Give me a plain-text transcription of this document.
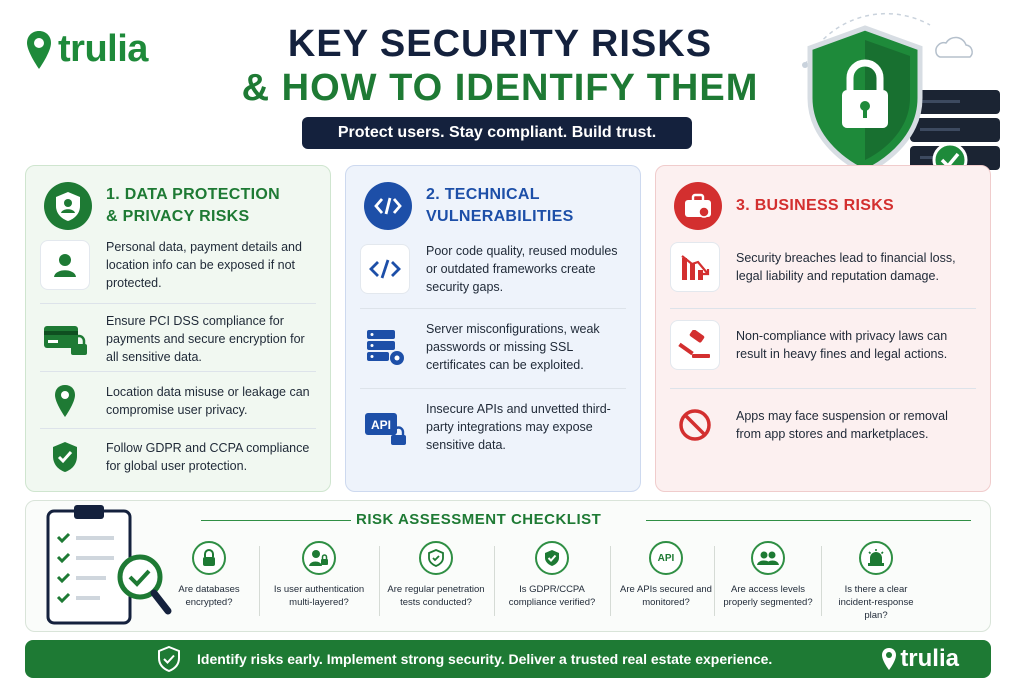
trulia	KEY SECURITY RISKS
& HOW TO IDENTIFY THEM
Protect users. Stay compliant. Build trust.
1. DATA PROTECTION
& PRIVACY RISKS
Personal data, payment details and location info can be exposed if not protected.
Ensure PCI DSS compliance for payments and secure encryption for all sensitive data.
Location data misuse or leakage can compromise user privacy.
Follow GDPR and CCPA compliance for global user protection.
2. TECHNICAL
VULNERABILITIES
Poor code quality, reused modules or outdated frameworks create security gaps.
Server misconfigurations, weak passwords or missing SSL certificates can be exploited.
API
Insecure APIs and unvetted third-party integrations may expose sensitive data.
3. BUSINESS RISKS
Security breaches lead to financial loss, legal liability and reputation damage.
Non-compliance with privacy laws can result in heavy fines and legal actions.
Apps may face suspension or removal from app stores and marketplaces.
RISK ASSESSMENT CHECKLIST
Are databases encrypted?
Is user authentication multi-layered?
Are regular penetration tests conducted?
Is GDPR/CCPA compliance verified?
API
Are APIs secured and monitored?
Are access levels properly segmented?
Is there a clear incident-response plan?
Identify risks early. Implement strong security. Deliver a trusted real estate experience.	trulia
